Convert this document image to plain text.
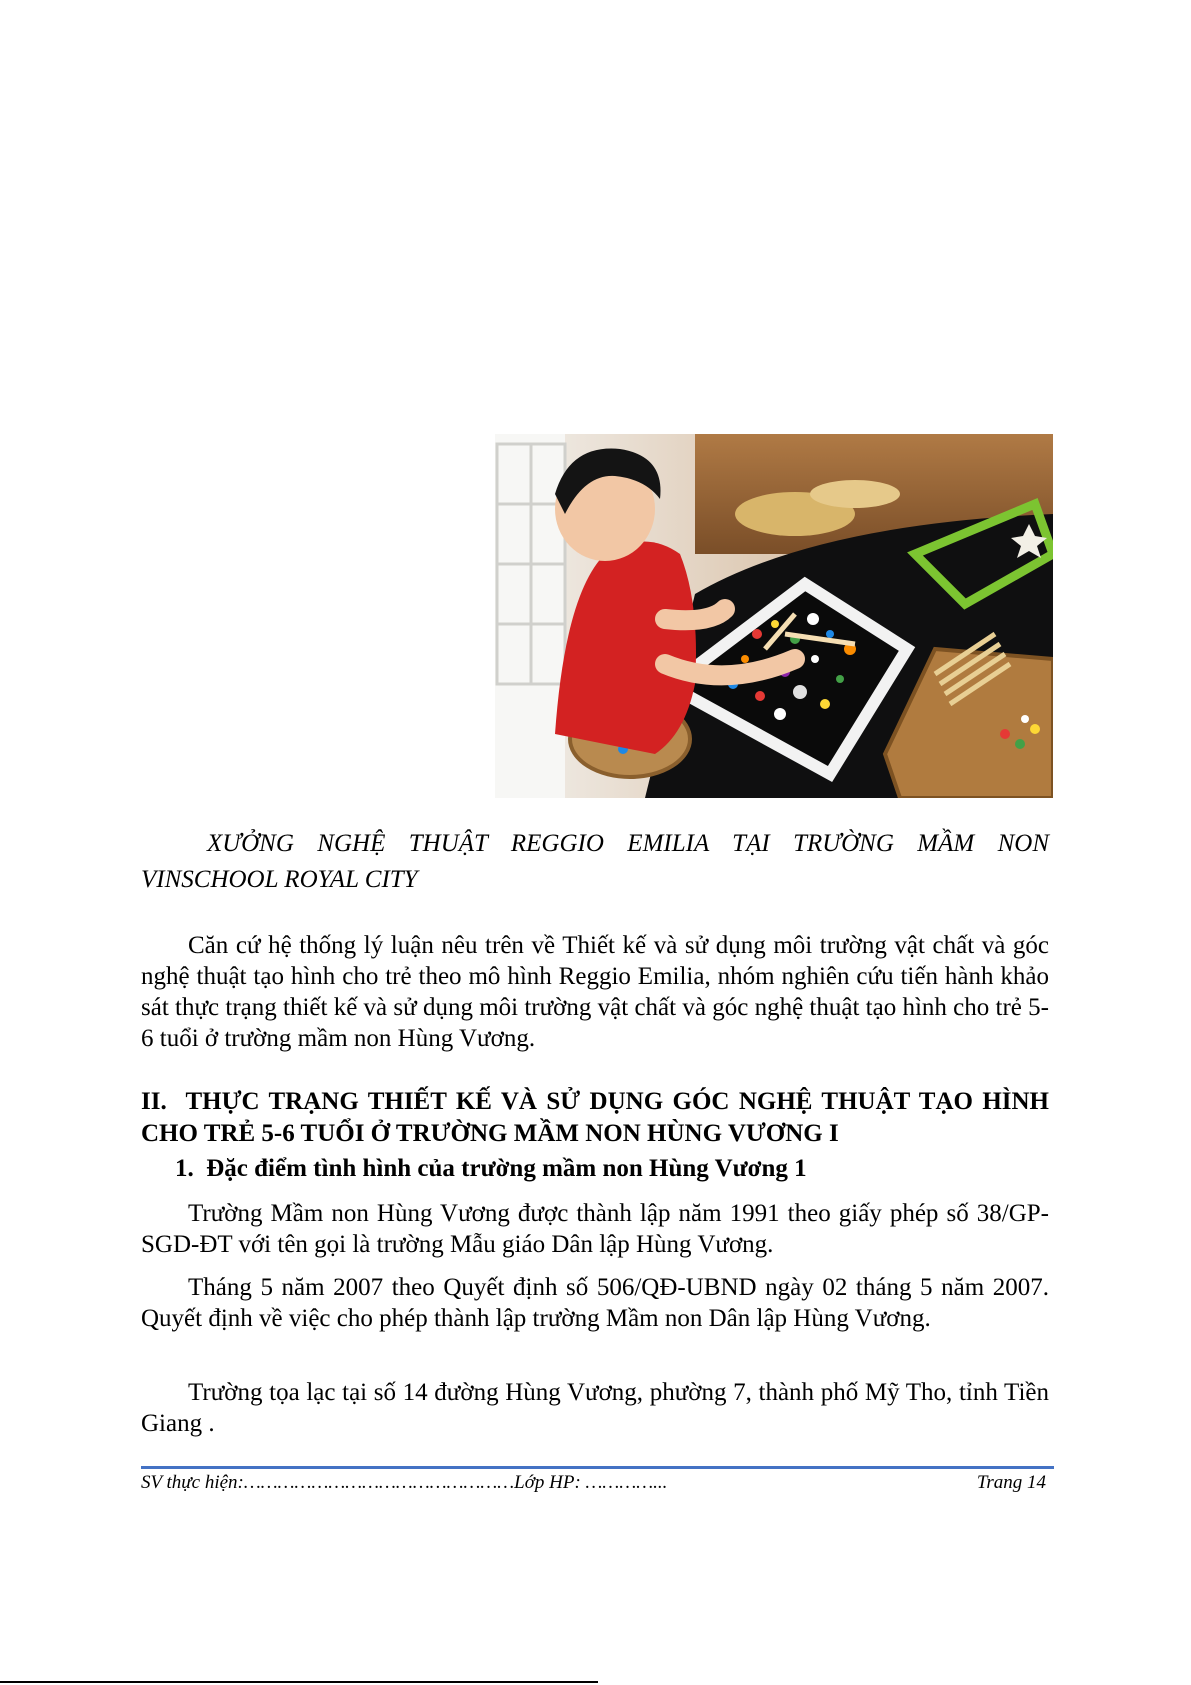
XƯỞNG NGHỆ THUẬT REGGIO EMILIA TẠI TRƯỜNG MẦM NON
VINSCHOOL ROYAL CITY

Căn cứ hệ thống lý luận nêu trên về Thiết kế và sử dụng môi trường vật chất và góc nghệ thuật tạo hình cho trẻ theo mô hình Reggio Emilia, nhóm nghiên cứu tiến hành khảo sát thực trạng thiết kế và sử dụng môi trường vật chất và góc nghệ thuật tạo hình cho trẻ 5-6 tuổi ở trường mầm non Hùng Vương.

II. THỰC TRẠNG THIẾT KẾ VÀ SỬ DỤNG GÓC NGHỆ THUẬT TẠO HÌNH CHO TRẺ 5-6 TUỔI Ở TRƯỜNG MẦM NON HÙNG VƯƠNG I
1. Đặc điểm tình hình của trường mầm non Hùng Vương 1

Trường Mầm non Hùng Vương được thành lập năm 1991 theo giấy phép số 38/GP-SGD-ĐT với tên gọi là trường Mẫu giáo Dân lập Hùng Vương.

Tháng 5 năm 2007 theo Quyết định số 506/QĐ-UBND ngày 02 tháng 5 năm 2007. Quyết định về việc cho phép thành lập trường Mầm non Dân lập Hùng Vương.

Trường tọa lạc tại số 14 đường Hùng Vương, phường 7, thành phố Mỹ Tho, tỉnh Tiền Giang .

SV thực hiện:…………………………………………Lớp HP: …………...	Trang 14
